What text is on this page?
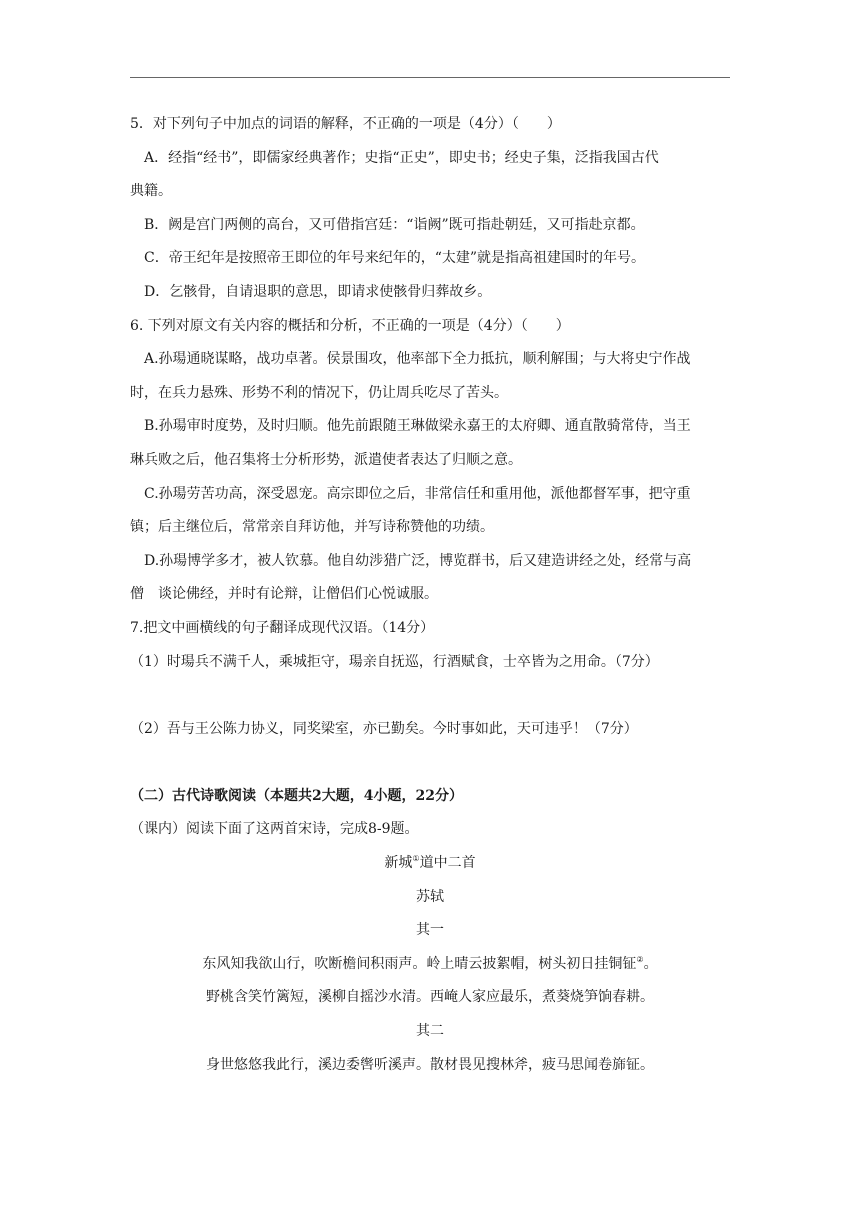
5．对下列句子中加点的词语的解释，不正确的一项是（4分）（　　）
A．经指“经书”，即儒家经典著作；史指“正史”，即史书；经史子集，泛指我国古代
典籍。
B．阙是宫门两侧的高台，又可借指宫廷：“诣阙”既可指赴朝廷，又可指赴京都。
C．帝王纪年是按照帝王即位的年号来纪年的，“太建”就是指高祖建国时的年号。
D．乞骸骨，自请退职的意思，即请求使骸骨归葬故乡。
6. 下列对原文有关内容的概括和分析，不正确的一项是（4分）（　　）
A.孙瑒通晓谋略，战功卓著。侯景围攻，他率部下全力抵抗，顺利解围；与大将史宁作战
时，在兵力悬殊、形势不利的情况下，仍让周兵吃尽了苦头。
B.孙瑒审时度势，及时归顺。他先前跟随王琳做梁永嘉王的太府卿、通直散骑常侍，当王
琳兵败之后，他召集将士分析形势，派遣使者表达了归顺之意。
C.孙瑒劳苦功高，深受恩宠。高宗即位之后，非常信任和重用他，派他都督军事，把守重
镇；后主继位后，常常亲自拜访他，并写诗称赞他的功绩。
D.孙瑒博学多才，被人钦慕。他自幼涉猎广泛，博览群书，后又建造讲经之处，经常与高
僧　谈论佛经，并时有论辩，让僧侣们心悦诚服。
7.把文中画横线的句子翻译成现代汉语。（14分）
（1）时瑒兵不满千人，乘城拒守，瑒亲自抚巡，行酒赋食，士卒皆为之用命。（7分）
（2）吾与王公陈力协义，同奖梁室，亦已勤矣。今时事如此，天可违乎！（7分）
（二）古代诗歌阅读（本题共2大题，4小题，22分）
（课内）阅读下面了这两首宋诗，完成8-9题。
新城①道中二首
苏轼
其一
东风知我欲山行，吹断檐间积雨声。岭上晴云披絮帽，树头初日挂铜钲②。
野桃含笑竹篱短，溪柳自摇沙水清。西崦人家应最乐，煮葵烧笋饷春耕。
其二
身世悠悠我此行，溪边委辔听溪声。散材畏见搜林斧，疲马思闻卷旆钲。
